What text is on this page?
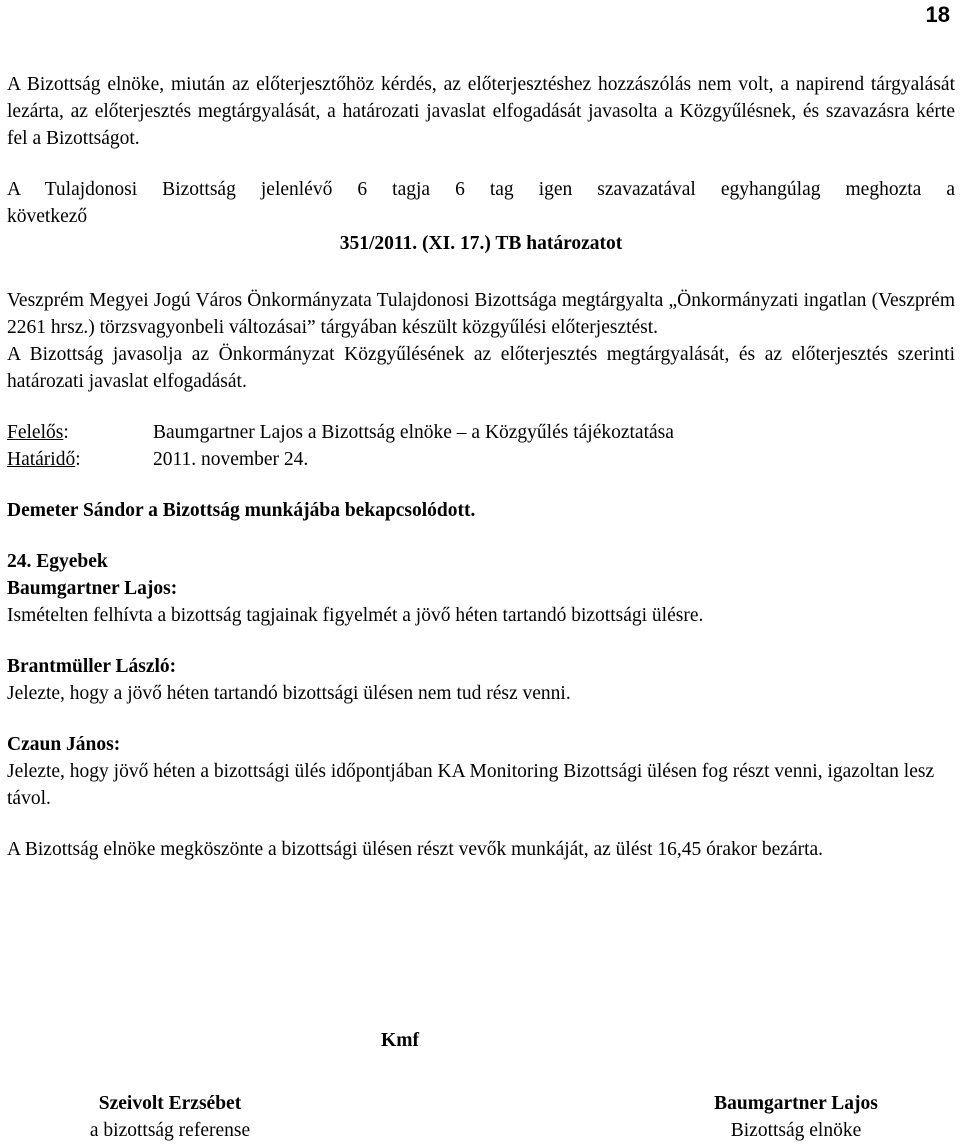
18

A Bizottság elnöke, miután az előterjesztőhöz kérdés, az előterjesztéshez hozzászólás nem volt, a napirend tárgyalását lezárta, az előterjesztés megtárgyalását, a határozati javaslat elfogadását javasolta a Közgyűlésnek, és szavazásra kérte fel a Bizottságot.

A Tulajdonosi Bizottság jelenlévő 6 tagja 6 tag igen szavazatával egyhangúlag meghozta a

következő

351/2011. (XI. 17.) TB határozatot

Veszprém Megyei Jogú Város Önkormányzata Tulajdonosi Bizottsága megtárgyalta „Önkormányzati ingatlan (Veszprém 2261 hrsz.) törzsvagyonbeli változásai” tárgyában készült közgyűlési előterjesztést.

A Bizottság javasolja az Önkormányzat Közgyűlésének az előterjesztés megtárgyalását, és az előterjesztés szerinti határozati javaslat elfogadását.

Felelős:	Baumgartner Lajos a Bizottság elnöke – a Közgyűlés tájékoztatása
Határidő:	2011. november 24.

Demeter Sándor a Bizottság munkájába bekapcsolódott.

24. Egyebek

Baumgartner Lajos:

Ismételten felhívta a bizottság tagjainak figyelmét a jövő héten tartandó bizottsági ülésre.

Brantmüller László:

Jelezte, hogy a jövő héten tartandó bizottsági ülésen nem tud rész venni.

Czaun János:

Jelezte, hogy jövő héten a bizottsági ülés időpontjában KA Monitoring Bizottsági ülésen fog részt venni, igazoltan lesz távol.

A Bizottság elnöke megköszönte a bizottsági ülésen részt vevők munkáját, az ülést 16,45 órakor bezárta.

Kmf
Szeivolt Erzsébet
a bizottság referense
Baumgartner Lajos
Bizottság elnöke
